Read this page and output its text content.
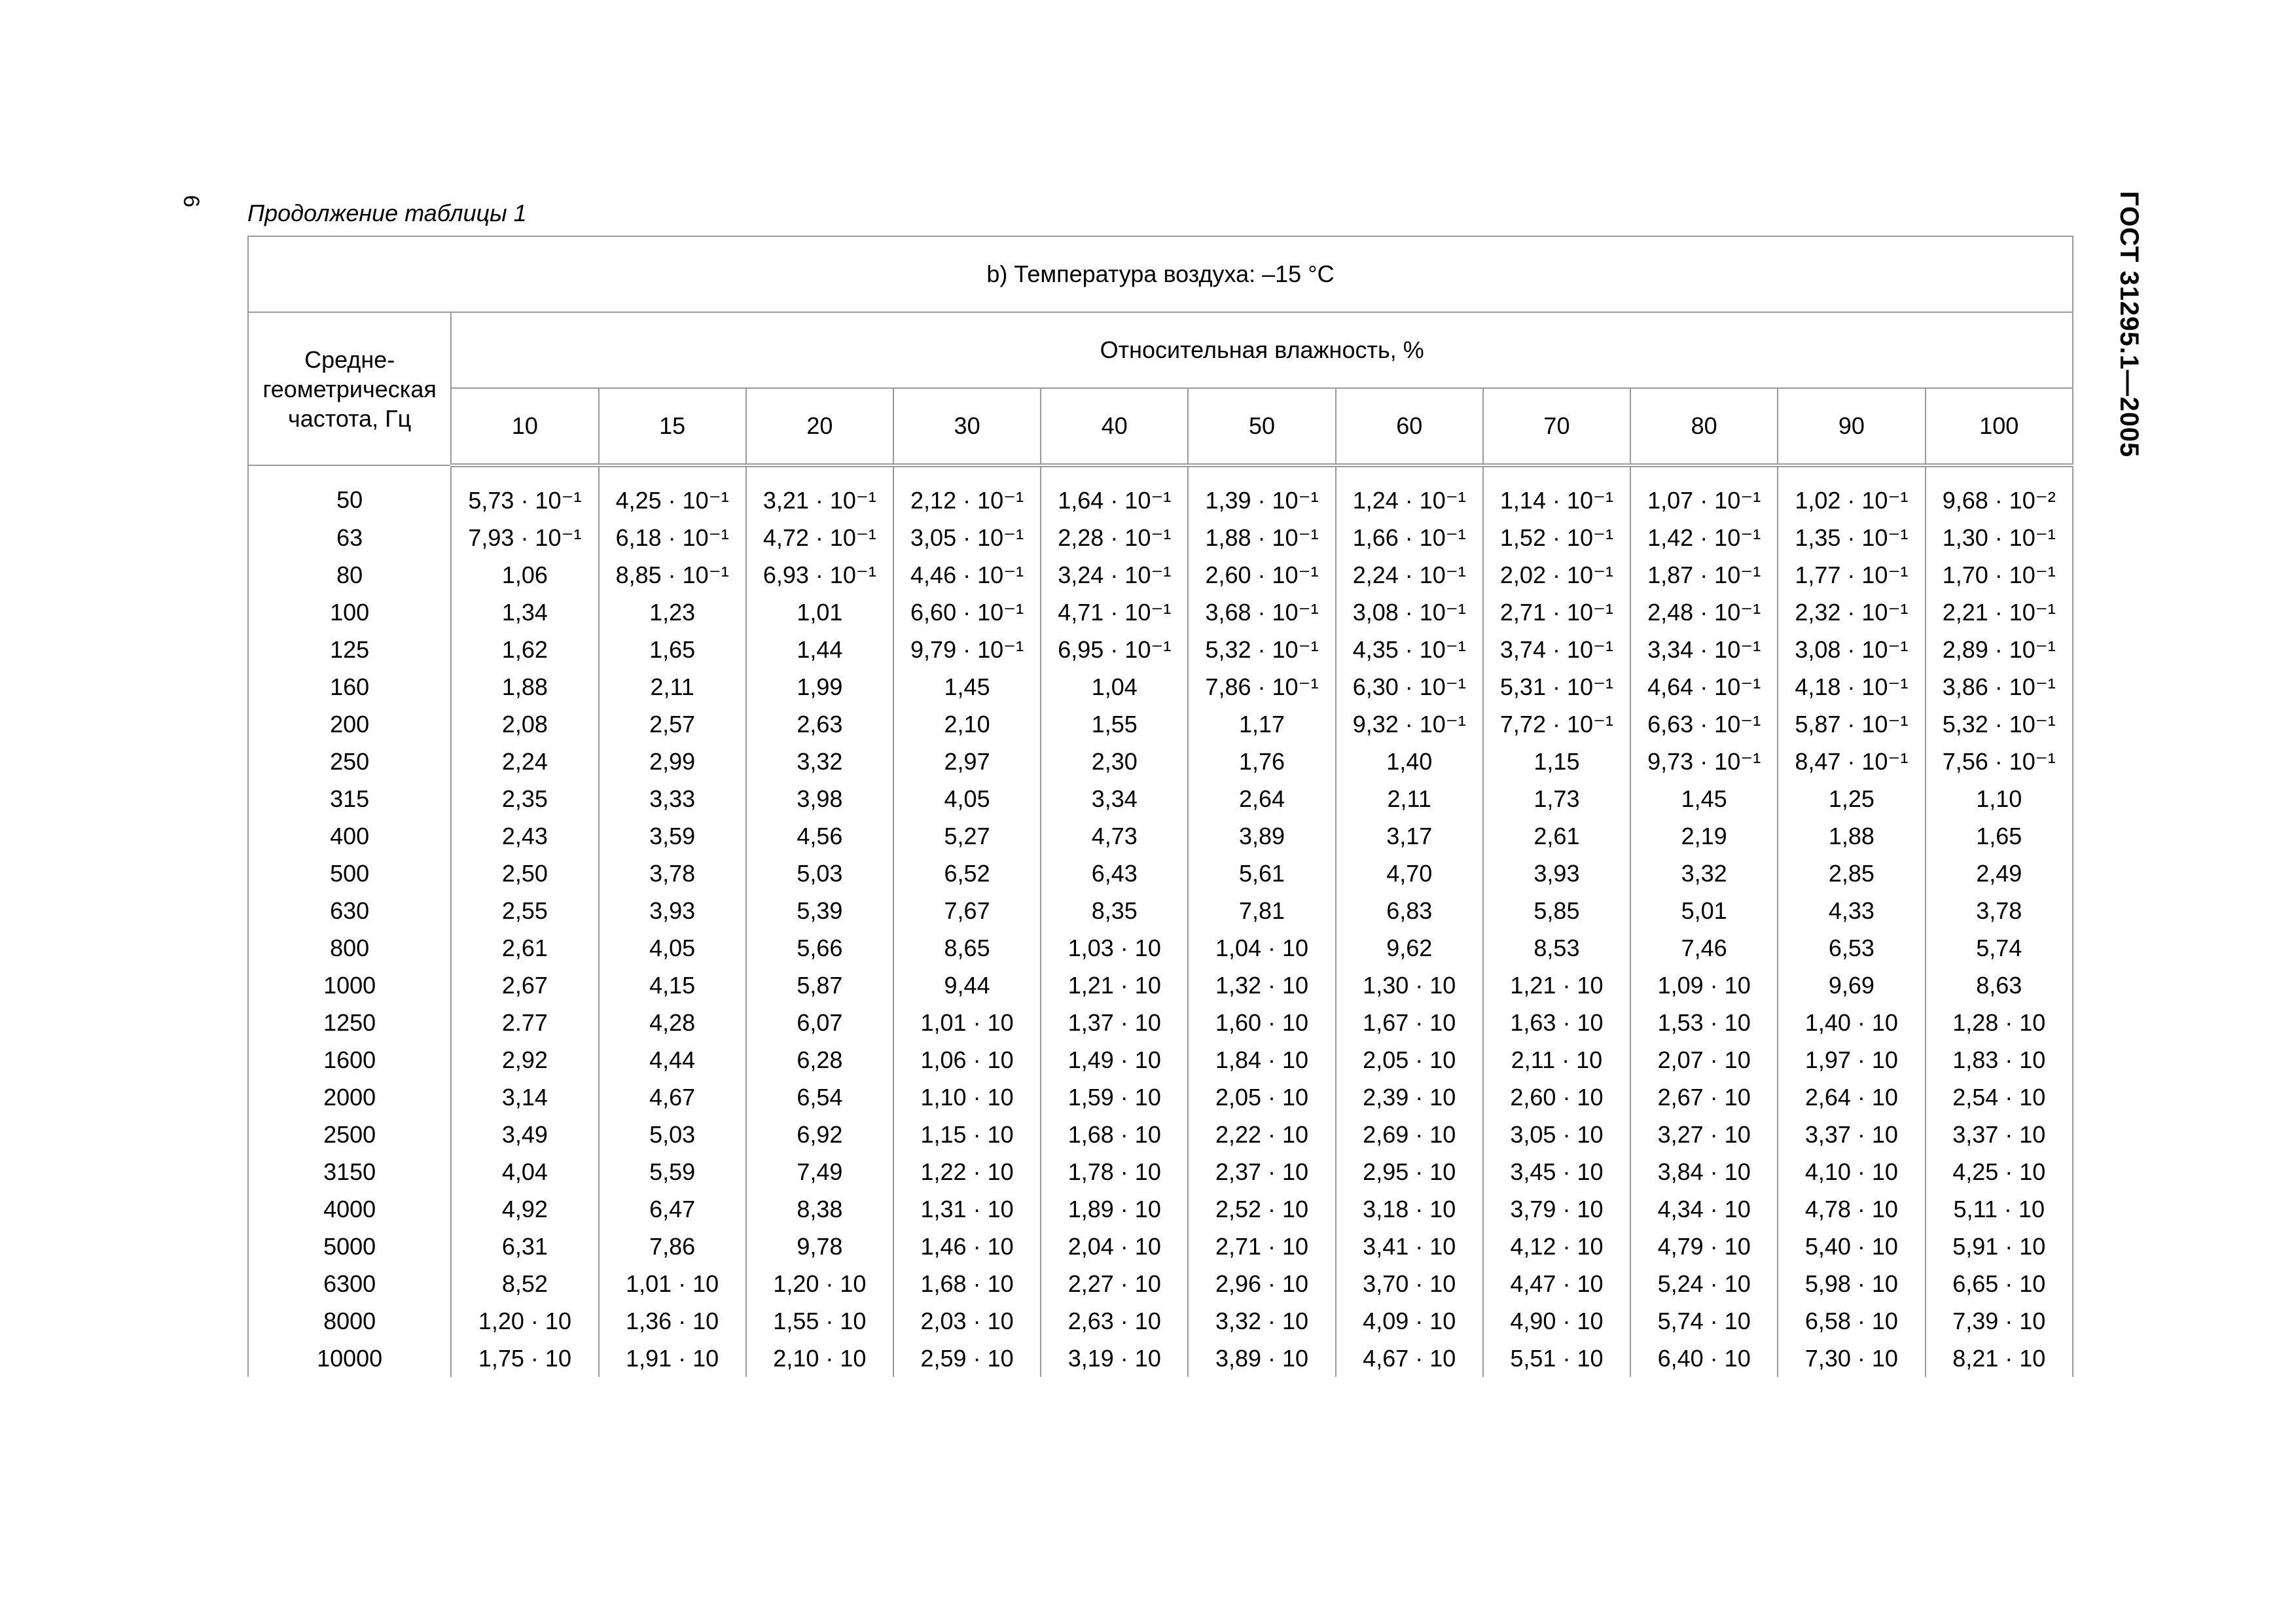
6	ГОСТ 31295.1—2005
Продолжение таблицы 1
b) Температура воздуха: –15 °С											

Средне-
геометрическая
частота, Гц	Относительная влажность, %										
	10	15	20	30	40	50	60	70	80	90	100
50	5,73 · 10⁻¹	4,25 · 10⁻¹	3,21 · 10⁻¹	2,12 · 10⁻¹	1,64 · 10⁻¹	1,39 · 10⁻¹	1,24 · 10⁻¹	1,14 · 10⁻¹	1,07 · 10⁻¹	1,02 · 10⁻¹	9,68 · 10⁻²
63	7,93 · 10⁻¹	6,18 · 10⁻¹	4,72 · 10⁻¹	3,05 · 10⁻¹	2,28 · 10⁻¹	1,88 · 10⁻¹	1,66 · 10⁻¹	1,52 · 10⁻¹	1,42 · 10⁻¹	1,35 · 10⁻¹	1,30 · 10⁻¹
80	1,06	8,85 · 10⁻¹	6,93 · 10⁻¹	4,46 · 10⁻¹	3,24 · 10⁻¹	2,60 · 10⁻¹	2,24 · 10⁻¹	2,02 · 10⁻¹	1,87 · 10⁻¹	1,77 · 10⁻¹	1,70 · 10⁻¹
100	1,34	1,23	1,01	6,60 · 10⁻¹	4,71 · 10⁻¹	3,68 · 10⁻¹	3,08 · 10⁻¹	2,71 · 10⁻¹	2,48 · 10⁻¹	2,32 · 10⁻¹	2,21 · 10⁻¹
125	1,62	1,65	1,44	9,79 · 10⁻¹	6,95 · 10⁻¹	5,32 · 10⁻¹	4,35 · 10⁻¹	3,74 · 10⁻¹	3,34 · 10⁻¹	3,08 · 10⁻¹	2,89 · 10⁻¹
160	1,88	2,11	1,99	1,45	1,04	7,86 · 10⁻¹	6,30 · 10⁻¹	5,31 · 10⁻¹	4,64 · 10⁻¹	4,18 · 10⁻¹	3,86 · 10⁻¹
200	2,08	2,57	2,63	2,10	1,55	1,17	9,32 · 10⁻¹	7,72 · 10⁻¹	6,63 · 10⁻¹	5,87 · 10⁻¹	5,32 · 10⁻¹
250	2,24	2,99	3,32	2,97	2,30	1,76	1,40	1,15	9,73 · 10⁻¹	8,47 · 10⁻¹	7,56 · 10⁻¹
315	2,35	3,33	3,98	4,05	3,34	2,64	2,11	1,73	1,45	1,25	1,10
400	2,43	3,59	4,56	5,27	4,73	3,89	3,17	2,61	2,19	1,88	1,65
500	2,50	3,78	5,03	6,52	6,43	5,61	4,70	3,93	3,32	2,85	2,49
630	2,55	3,93	5,39	7,67	8,35	7,81	6,83	5,85	5,01	4,33	3,78
800	2,61	4,05	5,66	8,65	1,03 · 10	1,04 · 10	9,62	8,53	7,46	6,53	5,74
1000	2,67	4,15	5,87	9,44	1,21 · 10	1,32 · 10	1,30 · 10	1,21 · 10	1,09 · 10	9,69	8,63
1250	2.77	4,28	6,07	1,01 · 10	1,37 · 10	1,60 · 10	1,67 · 10	1,63 · 10	1,53 · 10	1,40 · 10	1,28 · 10
1600	2,92	4,44	6,28	1,06 · 10	1,49 · 10	1,84 · 10	2,05 · 10	2,11 · 10	2,07 · 10	1,97 · 10	1,83 · 10
2000	3,14	4,67	6,54	1,10 · 10	1,59 · 10	2,05 · 10	2,39 · 10	2,60 · 10	2,67 · 10	2,64 · 10	2,54 · 10
2500	3,49	5,03	6,92	1,15 · 10	1,68 · 10	2,22 · 10	2,69 · 10	3,05 · 10	3,27 · 10	3,37 · 10	3,37 · 10
3150	4,04	5,59	7,49	1,22 · 10	1,78 · 10	2,37 · 10	2,95 · 10	3,45 · 10	3,84 · 10	4,10 · 10	4,25 · 10
4000	4,92	6,47	8,38	1,31 · 10	1,89 · 10	2,52 · 10	3,18 · 10	3,79 · 10	4,34 · 10	4,78 · 10	5,11 · 10
5000	6,31	7,86	9,78	1,46 · 10	2,04 · 10	2,71 · 10	3,41 · 10	4,12 · 10	4,79 · 10	5,40 · 10	5,91 · 10
6300	8,52	1,01 · 10	1,20 · 10	1,68 · 10	2,27 · 10	2,96 · 10	3,70 · 10	4,47 · 10	5,24 · 10	5,98 · 10	6,65 · 10
8000	1,20 · 10	1,36 · 10	1,55 · 10	2,03 · 10	2,63 · 10	3,32 · 10	4,09 · 10	4,90 · 10	5,74 · 10	6,58 · 10	7,39 · 10
10000	1,75 · 10	1,91 · 10	2,10 · 10	2,59 · 10	3,19 · 10	3,89 · 10	4,67 · 10	5,51 · 10	6,40 · 10	7,30 · 10	8,21 · 10
